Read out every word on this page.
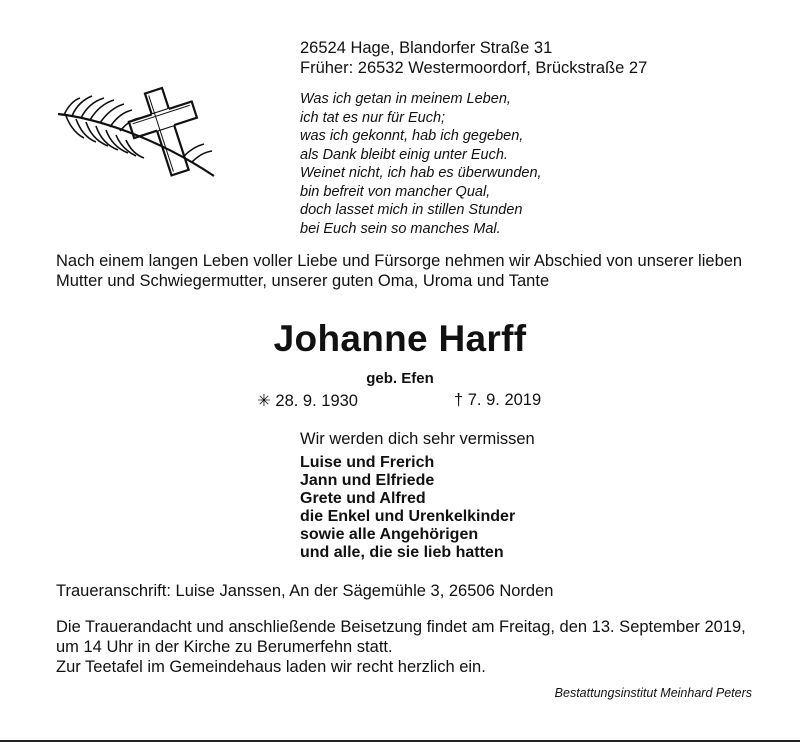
26524 Hage, Blandorfer Straße 31
Früher: 26532 Westermoordorf, Brückstraße 27
Was ich getan in meinem Leben,
ich tat es nur für Euch;
was ich gekonnt, hab ich gegeben,
als Dank bleibt einig unter Euch.
Weinet nicht, ich hab es überwunden,
bin befreit von mancher Qual,
doch lasset mich in stillen Stunden
bei Euch sein so manches Mal.
Nach einem langen Leben voller Liebe und Fürsorge nehmen wir Abschied von unserer lieben Mutter und Schwiegermutter, unserer guten Oma, Uroma und Tante
Johanne Harff
geb. Efen
✳ 28. 9. 1930	† 7. 9. 2019
Wir werden dich sehr vermissen
Luise und Frerich
Jann und Elfriede
Grete und Alfred
die Enkel und Urenkelkinder
sowie alle Angehörigen
und alle, die sie lieb hatten
Traueranschrift: Luise Janssen, An der Sägemühle 3, 26506 Norden
Die Trauerandacht und anschließende Beisetzung findet am Freitag, den 13. September 2019, um 14 Uhr in der Kirche zu Berumerfehn statt.
Zur Teetafel im Gemeindehaus laden wir recht herzlich ein.
Bestattungsinstitut Meinhard Peters
